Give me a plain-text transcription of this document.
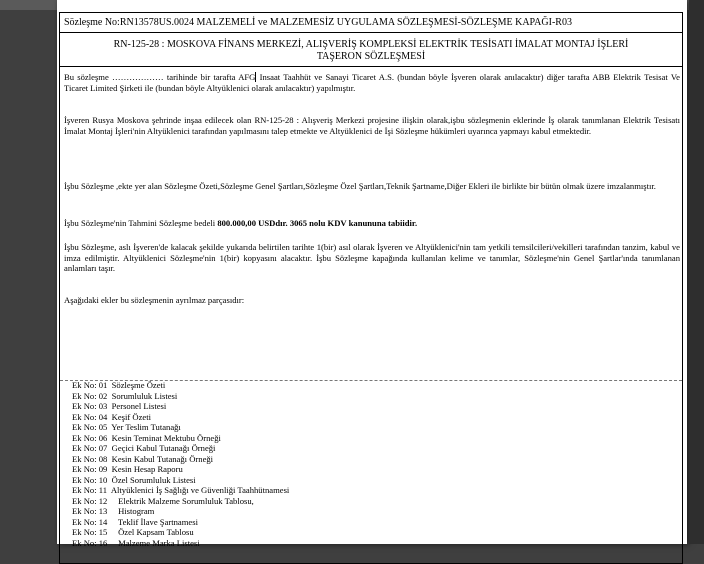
Sözleşme No:RN13578US.0024 MALZEMELİ ve MALZEMESİZ UYGULAMA SÖZLEŞMESİ-SÖZLEŞME KAPAĞI-R03
RN-125-28 : MOSKOVA FİNANS MERKEZİ, ALIŞVERİŞ KOMPLEKSİ ELEKTRİK TESİSATI İMALAT MONTAJ İŞLERİ
TAŞERON SÖZLEŞMESİ

Bu sözleşme ……………… tarihinde bir tarafta AFG Insaat Taahhüt ve Sanayi Ticaret A.S. (bundan böyle İşveren olarak anılacaktır) diğer tarafta ABB Elektrik Tesisat Ve Ticaret Limited Şirketi ile (bundan böyle Altyüklenici olarak anılacaktır) yapılmıştır.

İşveren Rusya Moskova şehrinde inşaa edilecek olan RN-125-28 : Alışveriş Merkezi projesine ilişkin olarak,işbu sözleşmenin eklerinde İş olarak tanımlanan Elektrik Tesisatı İmalat Montaj İşleri'nin Altyüklenici tarafından yapılmasını talep etmekte ve Altyüklenici de İşi Sözleşme hükümleri uyarınca yapmayı kabul etmektedir.

İşbu Sözleşme ,ekte yer alan Sözleşme Özeti,Sözleşme Genel Şartları,Sözleşme Özel Şartları,Teknik Şartname,Diğer Ekleri ile birlikte bir bütün olmak üzere imzalanmıştır.

İşbu Sözleşme'nin Tahmini Sözleşme bedeli 800.000,00 USDdır. 3065 nolu KDV kanununa tabiidir.

İşbu Sözleşme, aslı İşveren'de kalacak şekilde yukarıda belirtilen tarihte 1(bir) asıl olarak İşveren ve Altyüklenici'nin tam yetkili temsilcileri/vekilleri tarafından tanzim, kabul ve imza edilmiştir. Altyüklenici Sözleşme'nin 1(bir) kopyasını alacaktır. İşbu Sözleşme kapağında kullanılan kelime ve tanımlar, Sözleşme'nin Genel Şartlar'ında tanımlanan anlamları taşır.

Aşağıdaki ekler bu sözleşmenin ayrılmaz parçasıdır:

Ek No: 01  Sözleşme Özeti
Ek No: 02  Sorumluluk Listesi
Ek No: 03  Personel Listesi
Ek No: 04  Keşif Özeti
Ek No: 05  Yer Teslim Tutanağı
Ek No: 06  Kesin Teminat Mektubu Örneği
Ek No: 07  Geçici Kabul Tutanağı Örneği
Ek No: 08  Kesin Kabul Tutanağı Örneği
Ek No: 09  Kesin Hesap Raporu
Ek No: 10  Özel Sorumluluk Listesi
Ek No: 11  Altyüklenici İş Sağlığı ve Güvenliği Taahhütnamesi
Ek No: 12     Elektrik Malzeme Sorumluluk Tablosu,
Ek No: 13     Histogram
Ek No: 14     Teklif İlave Şartnamesi
Ek No: 15     Özel Kapsam Tablosu
Ek No: 16     Malzeme Marka Listesi
